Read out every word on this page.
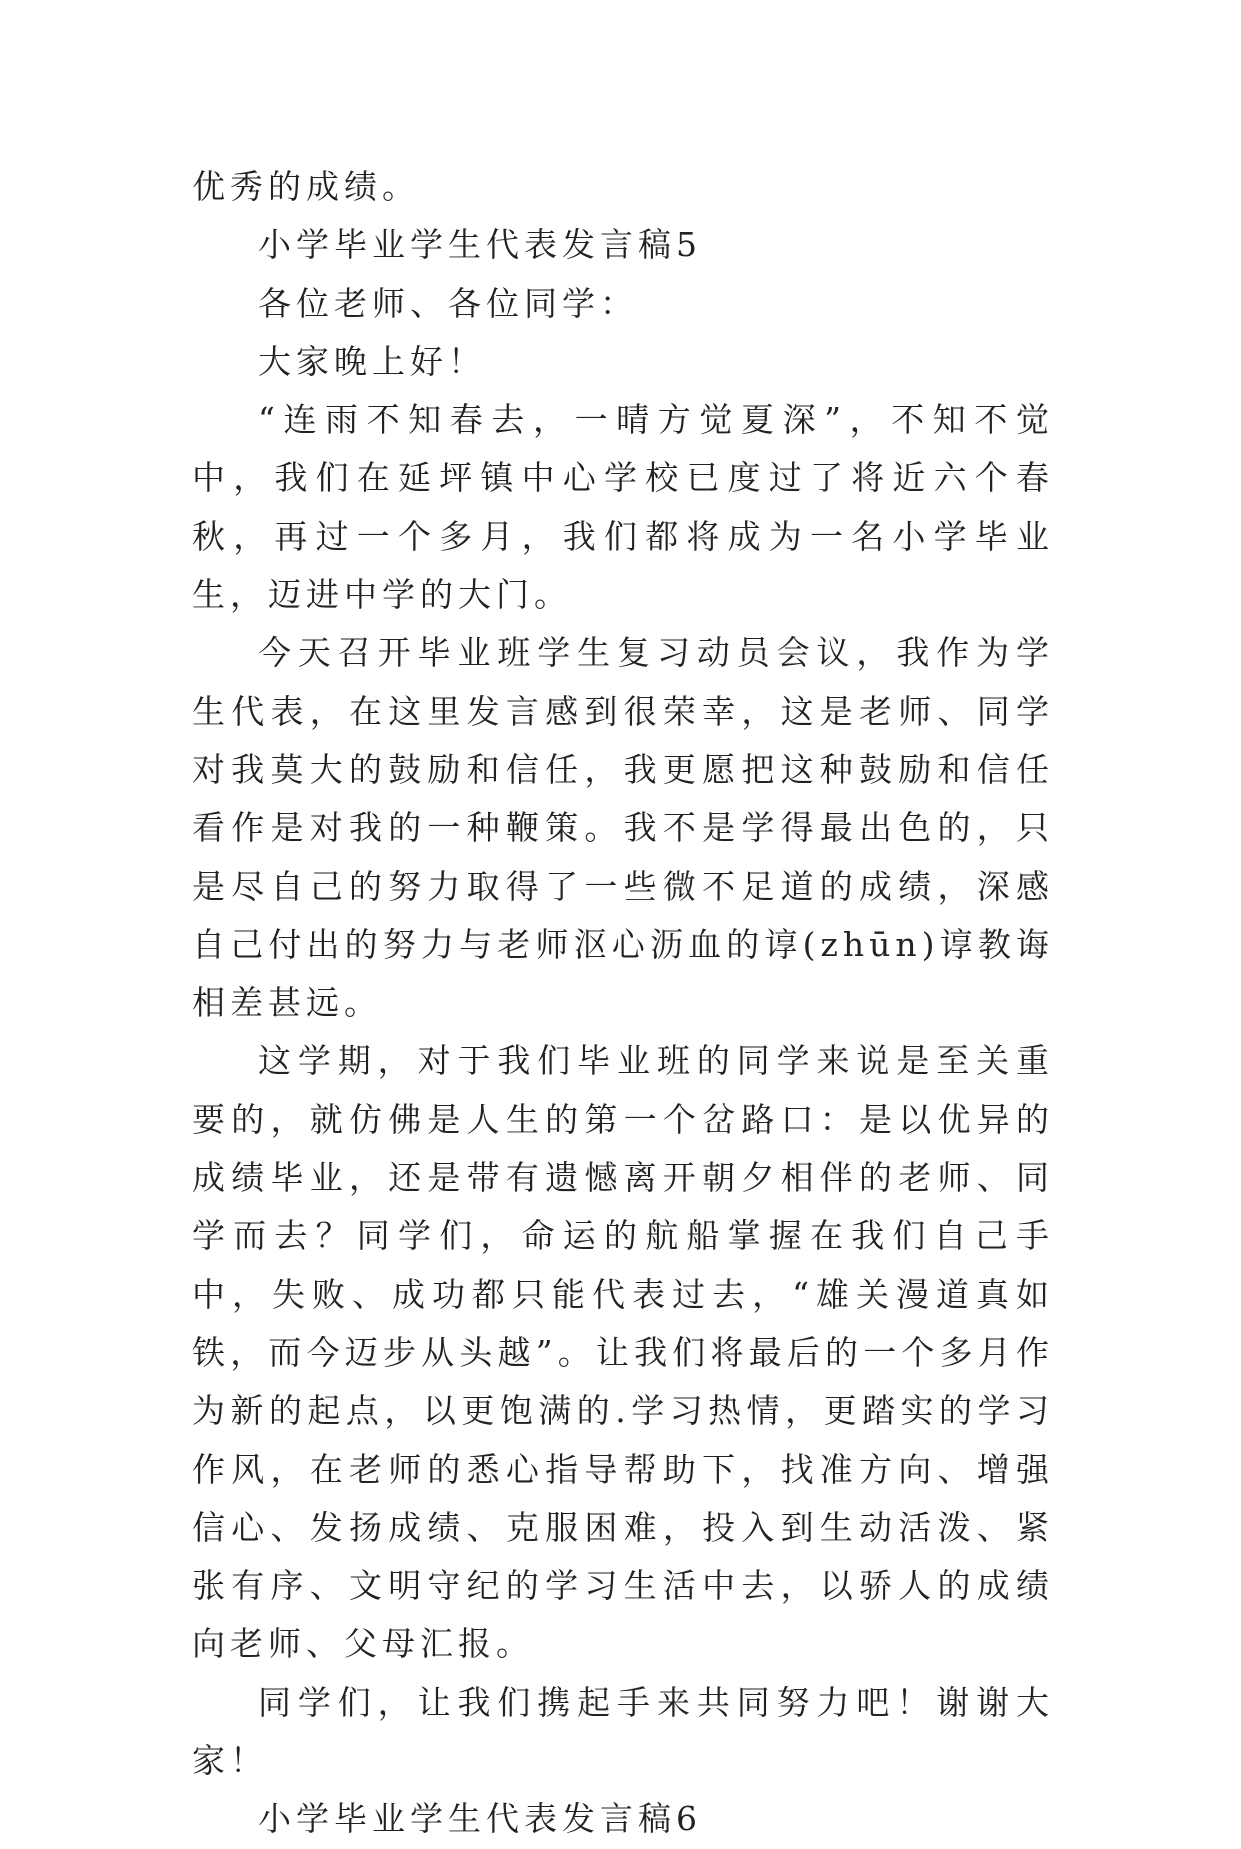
优秀的成绩。

小学毕业学生代表发言稿5

各位老师、各位同学：

大家晚上好！

“连雨不知春去，一晴方觉夏深”，不知不觉中，我们在延坪镇中心学校已度过了将近六个春秋，再过一个多月，我们都将成为一名小学毕业生，迈进中学的大门。

今天召开毕业班学生复习动员会议，我作为学生代表，在这里发言感到很荣幸，这是老师、同学对我莫大的鼓励和信任，我更愿把这种鼓励和信任看作是对我的一种鞭策。我不是学得最出色的，只是尽自己的努力取得了一些微不足道的成绩，深感自己付出的努力与老师沤心沥血的谆(zhūn)谆教诲相差甚远。

这学期，对于我们毕业班的同学来说是至关重要的，就仿佛是人生的第一个岔路口：是以优异的成绩毕业，还是带有遗憾离开朝夕相伴的老师、同学而去？同学们，命运的航船掌握在我们自己手中，失败、成功都只能代表过去，“雄关漫道真如铁，而今迈步从头越”。让我们将最后的一个多月作为新的起点，以更饱满的.学习热情，更踏实的学习作风，在老师的悉心指导帮助下，找准方向、增强信心、发扬成绩、克服困难，投入到生动活泼、紧张有序、文明守纪的学习生活中去，以骄人的成绩向老师、父母汇报。

同学们，让我们携起手来共同努力吧！谢谢大家！

小学毕业学生代表发言稿6
